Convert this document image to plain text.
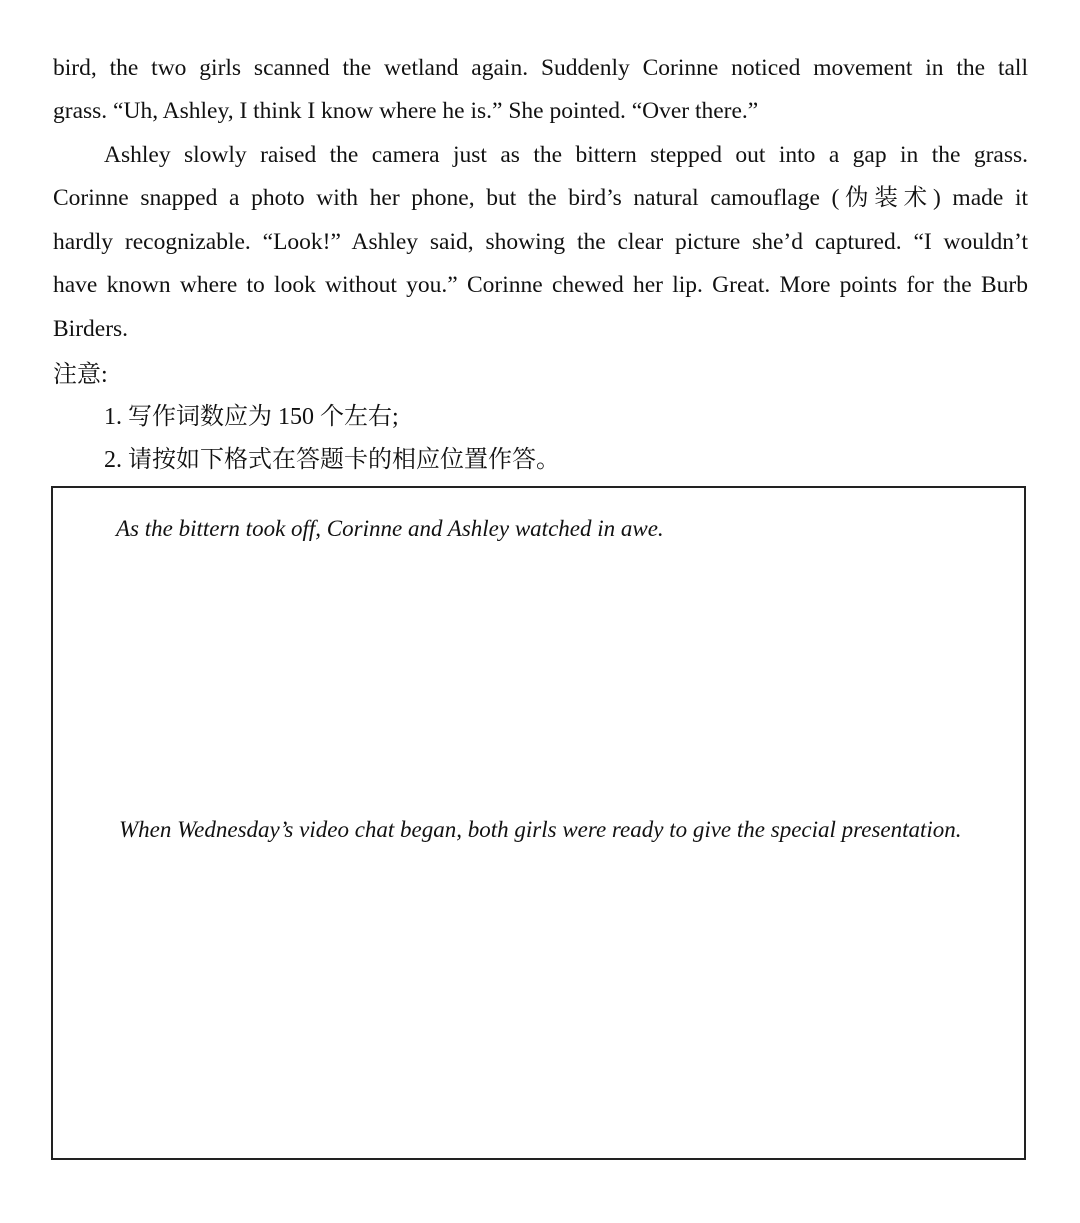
bird, the two girls scanned the wetland again. Suddenly Corinne noticed movement in the tall
grass. “Uh, Ashley, I think I know where he is.” She pointed. “Over there.”
Ashley slowly raised the camera just as the bittern stepped out into a gap in the grass.
Corinne snapped a photo with her phone, but the bird’s natural camouflage (伪装术) made it
hardly recognizable. “Look!” Ashley said, showing the clear picture she’d captured. “I wouldn’t
have known where to look without you.” Corinne chewed her lip. Great. More points for the Burb
Birders.
注意:
1. 写作词数应为 150 个左右;
2. 请按如下格式在答题卡的相应位置作答。
As the bittern took off, Corinne and Ashley watched in awe.
When Wednesday’s video chat began, both girls were ready to give the special presentation.
